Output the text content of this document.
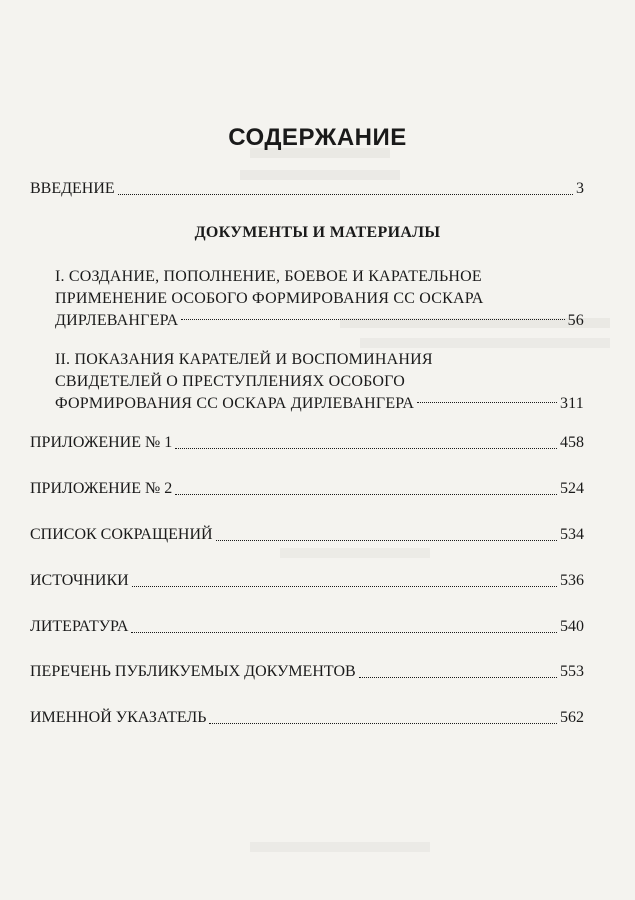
СОДЕРЖАНИЕ
ВВЕДЕНИЕ	3
ДОКУМЕНТЫ И МАТЕРИАЛЫ
I. СОЗДАНИЕ, ПОПОЛНЕНИЕ, БОЕВОЕ И КАРАТЕЛЬНОЕ
ПРИМЕНЕНИЕ ОСОБОГО ФОРМИРОВАНИЯ СС ОСКАРА
ДИРЛЕВАНГЕРА	56
II. ПОКАЗАНИЯ КАРАТЕЛЕЙ И ВОСПОМИНАНИЯ
СВИДЕТЕЛЕЙ О ПРЕСТУПЛЕНИЯХ ОСОБОГО
ФОРМИРОВАНИЯ СС ОСКАРА ДИРЛЕВАНГЕРА	311
ПРИЛОЖЕНИЕ № 1	458
ПРИЛОЖЕНИЕ № 2	524
СПИСОК СОКРАЩЕНИЙ	534
ИСТОЧНИКИ	536
ЛИТЕРАТУРА	540
ПЕРЕЧЕНЬ ПУБЛИКУЕМЫХ ДОКУМЕНТОВ	553
ИМЕННОЙ УКАЗАТЕЛЬ	562
